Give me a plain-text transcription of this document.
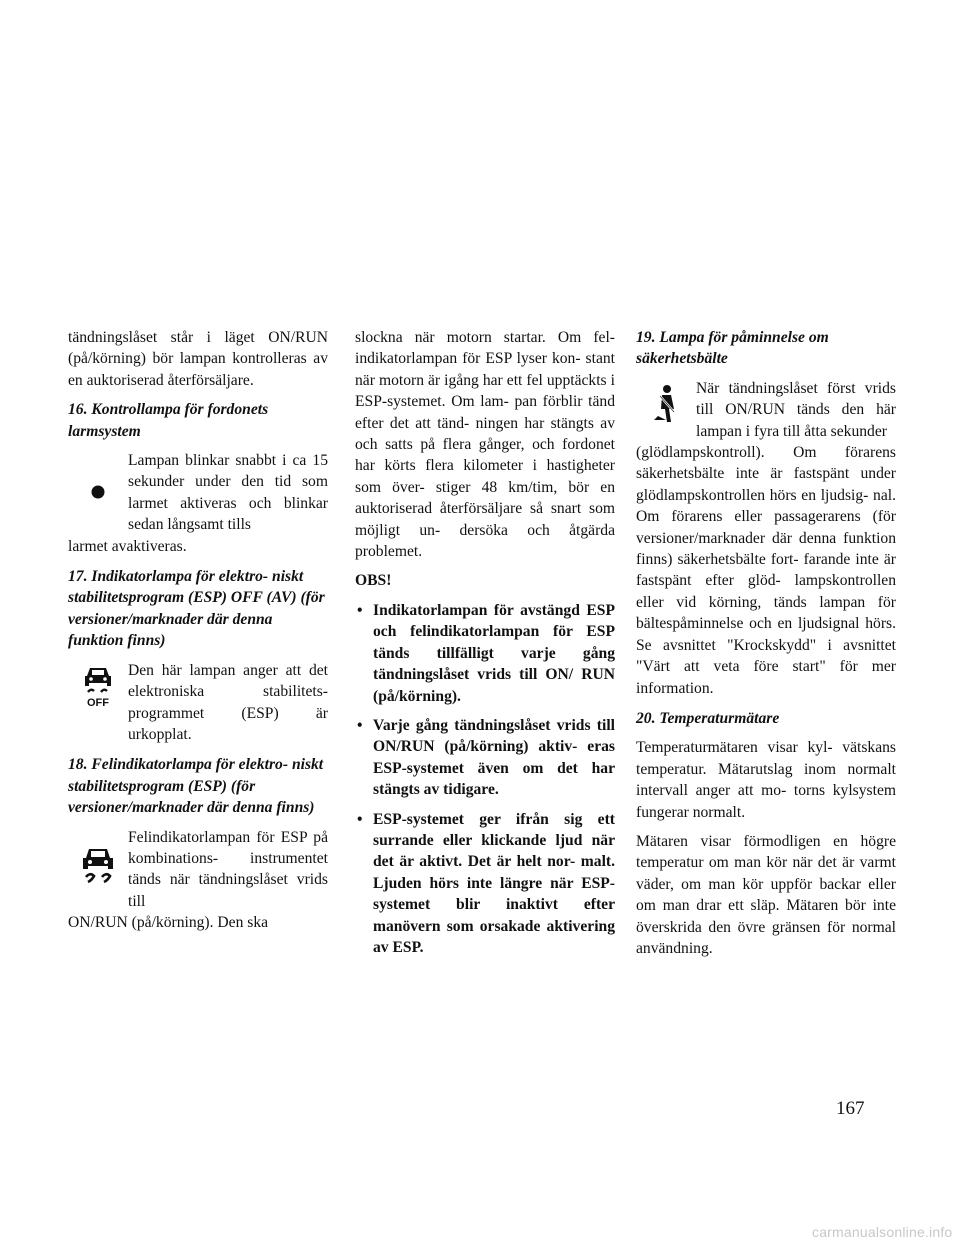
tändningslåset står i läget ON/RUN (på/körning) bör lampan kontrolleras av en auktoriserad återförsäljare.

16. Kontrollampa för fordonets larmsystem

Lampan blinkar snabbt i ca 15 sekunder under den tid som larmet aktiveras och blinkar sedan långsamt tills
larmet avaktiveras.

17. Indikatorlampa för elektro- niskt stabilitetsprogram (ESP) OFF (AV) (för versioner/marknader där denna funktion finns)

OFF
Den här lampan anger att det elektroniska stabilitets- programmet (ESP) är urkopplat.

18. Felindikatorlampa för elektro- niskt stabilitetsprogram (ESP) (för versioner/marknader där denna finns)

Felindikatorlampan för ESP på kombinations- instrumentet tänds när tändningslåset vrids till
ON/RUN (på/körning). Den ska

slockna när motorn startar. Om fel- indikatorlampan för ESP lyser kon- stant när motorn är igång har ett fel upptäckts i ESP-systemet. Om lam- pan förblir tänd efter det att tänd- ningen har stängts av och satts på flera gånger, och fordonet har körts flera kilometer i hastigheter som över- stiger 48 km/tim, bör en auktoriserad återförsäljare så snart som möjligt un- dersöka och åtgärda problemet.

OBS!

• Indikatorlampan för avstängd ESP och felindikatorlampan för ESP tänds tillfälligt varje gång tändningslåset vrids till ON/ RUN (på/körning).
• Varje gång tändningslåset vrids till ON/RUN (på/körning) aktiv- eras ESP-systemet även om det har stängts av tidigare.
• ESP-systemet ger ifrån sig ett surrande eller klickande ljud när det är aktivt. Det är helt nor- malt. Ljuden hörs inte längre när ESP-systemet blir inaktivt efter manövern som orsakade aktivering av ESP.

19. Lampa för påminnelse om säkerhetsbälte

När tändningslåset först vrids till ON/RUN tänds den här lampan i fyra till åtta sekunder
(glödlampskontroll). Om förarens säkerhetsbälte inte är fastspänt under glödlampskontrollen hörs en ljudsig- nal. Om förarens eller passagerarens (för versioner/marknader där denna funktion finns) säkerhetsbälte fort- farande inte är fastspänt efter glöd- lampskontrollen eller vid körning, tänds lampan för bältespåminnelse och en ljudsignal hörs. Se avsnittet "Krockskydd" i avsnittet "Värt att veta före start" för mer information.

20. Temperaturmätare

Temperaturmätaren visar kyl- vätskans temperatur. Mätarutslag inom normalt intervall anger att mo- torns kylsystem fungerar normalt.

Mätaren visar förmodligen en högre temperatur om man kör när det är varmt väder, om man kör uppför backar eller om man drar ett släp. Mätaren bör inte överskrida den övre gränsen för normal användning.

167
carmanualsonline.info
